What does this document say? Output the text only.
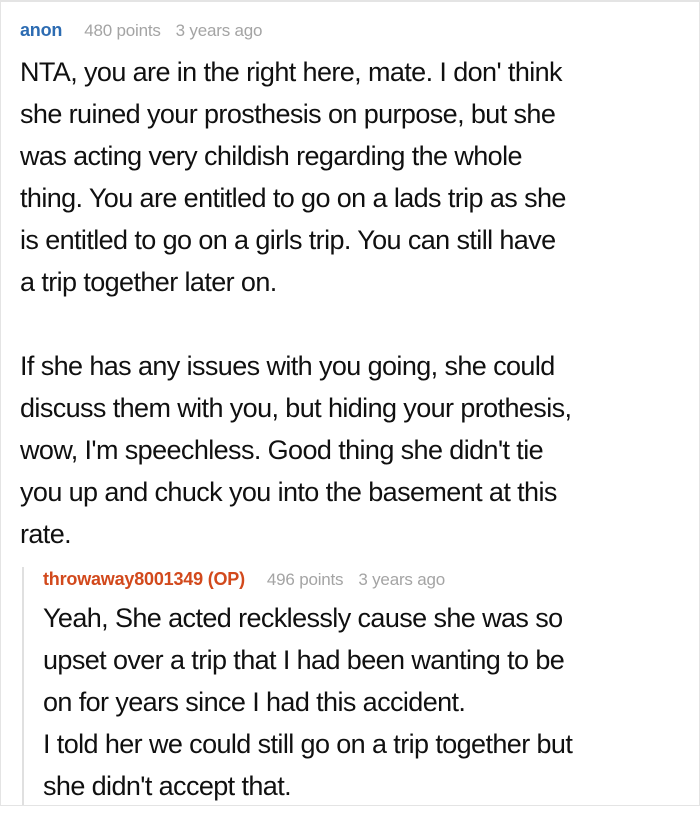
anon 480 points 3 years ago
NTA, you are in the right here, mate. I don' think
she ruined your prosthesis on purpose, but she
was acting very childish regarding the whole
thing. You are entitled to go on a lads trip as she
is entitled to go on a girls trip. You can still have
a trip together later on.
If she has any issues with you going, she could
discuss them with you, but hiding your prothesis,
wow, I'm speechless. Good thing she didn't tie
you up and chuck you into the basement at this
rate.
throwaway8001349 (OP) 496 points 3 years ago
Yeah, She acted recklessly cause she was so
upset over a trip that I had been wanting to be
on for years since I had this accident.
I told her we could still go on a trip together but
she didn't accept that.
